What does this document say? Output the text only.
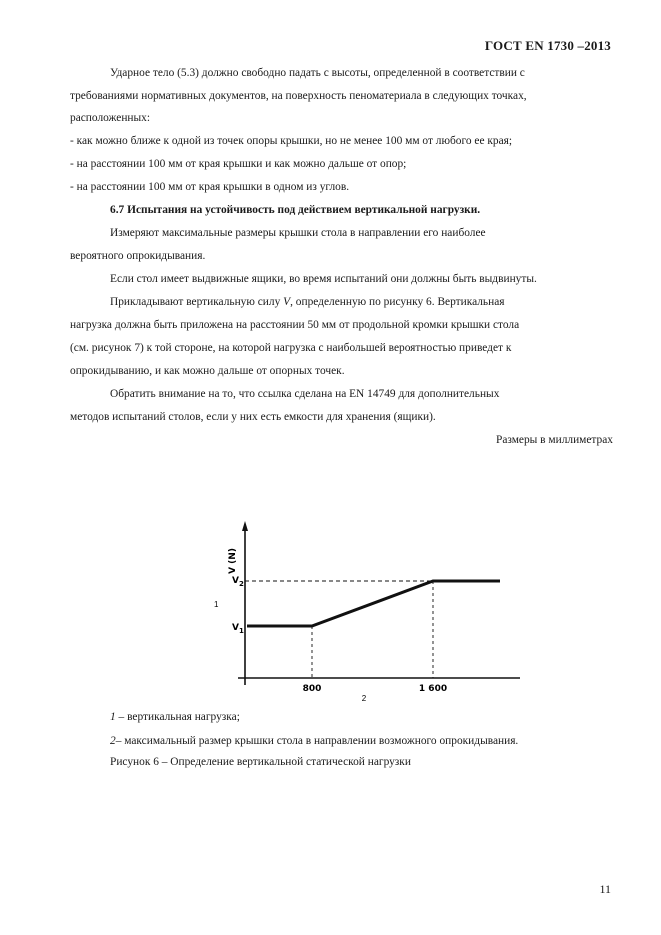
ГОСТ EN 1730 –2013
Ударное тело (5.3) должно свободно падать с высоты, определенной в соответствии с
требованиями нормативных документов, на поверхность пеноматериала в следующих точках,
расположенных:
- как можно ближе к одной из точек опоры крышки, но не менее 100 мм от любого ее края;
- на расстоянии 100 мм от края крышки и как можно дальше от опор;
- на расстоянии 100 мм от края крышки в одном из углов.
6.7 Испытания на устойчивость под действием вертикальной нагрузки.
Измеряют максимальные размеры крышки стола в направлении его наиболее
вероятного опрокидывания.
Если стол имеет выдвижные ящики, во время испытаний они должны быть выдвинуты.
Прикладывают вертикальную силу V, определенную по рисунку 6. Вертикальная
нагрузка должна быть приложена на расстоянии 50 мм от продольной кромки крышки стола
(см. рисунок 7) к той стороне, на которой нагрузка с наибольшей вероятностью приведет к
опрокидыванию, и как можно дальше от опорных точек.
Обратить внимание на то, что ссылка сделана на EN 14749 для дополнительных
методов испытаний столов, если у них есть емкости для хранения (ящики).
Размеры в миллиметрах
V (N)
1
$V_2$
$V_1$
800	1 600
2
1 – вертикальная нагрузка;
2– максимальный размер крышки стола в направлении возможного опрокидывания.
Рисунок 6 – Определение вертикальной статической нагрузки
11
